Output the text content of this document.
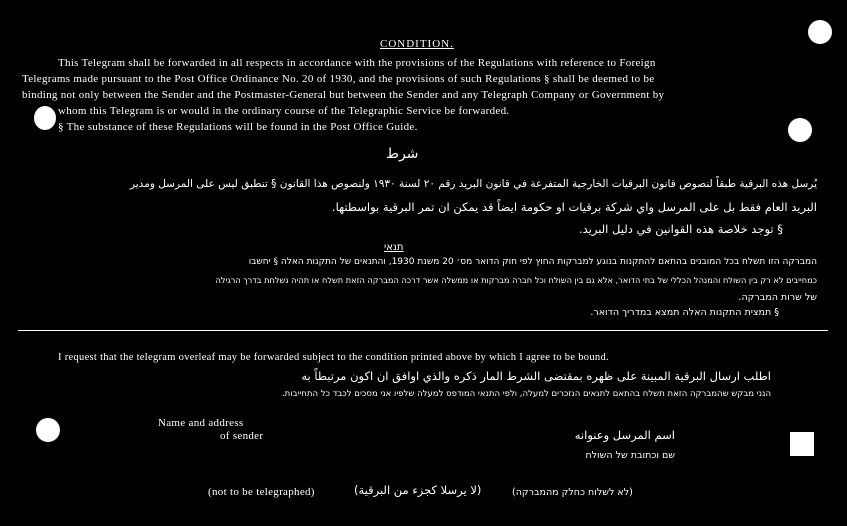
CONDITION.
This Telegram shall be forwarded in all respects in accordance with the provisions of the Regulations with reference to Foreign
Telegrams made pursuant to the Post Office Ordinance No. 20 of 1930, and the provisions of such Regulations § shall be deemed to be
binding not only between the Sender and the Postmaster-General but between the Sender and any Telegraph Company or Government by
whom this Telegram is or would in the ordinary course of the Telegraphic Service be forwarded.
§ The substance of these Regulations will be found in the Post Office Guide.
شرط
يُرسل هذه البرقية طبقاً لنصوص قانون البرقيات الخارجية المتفرعة في قانون البريد رقم ٢٠ لسنة ١٩٣٠ ولنصوص هذا القانون § تنطبق ليس على المرسل ومدير
البريد العام فقط بل على المرسل واي شركة برقيات او حكومة ايضاً قد يمكن ان تمر البرقية بواسطتها.
§ توجد خلاصة هذه القوانين في دليل البريد.
תנאי
המברקה הזו תשלח בכל המובנים בהתאם להתקנות בנוגע למברקות החוץ לפי חוק הדואר מס׳ 20 משנת 1930, והתנאים של התקנות האלה § יחשבו
כמחייבים לא רק בין השולח והמנהל הכללי של בתי הדואר, אלא גם בין השולח וכל חברה מברקות או ממשלה אשר דרכה המברקה הזאת תשלח או תהיה נשלחת בדרך הרגילה
של שרות המברקה.
§ תמצית התקנות האלה תמצא במדריך הדואר.
I request that the telegram overleaf may be forwarded subject to the condition printed above by which I agree to be bound.
اطلب ارسال البرقية المبينة على ظهره بمقتضى الشرط المار ذكره والذي اوافق ان اكون مرتبطاً به
הנני מבקש שהמברקה הזאת תשלח בהתאם לתנאים הנזכרים למעלה, ולפי התנאי המודפס למעלה שלפיו אני מסכים לכבד כל התחייבות.
Name and address
of sender	اسم المرسل وعنوانه
שם וכתובת של השולח
(not to be telegraphed)	(لا يرسلا كجزء من البرقية)	(לא לשלוח כחלק מהמברקה)
